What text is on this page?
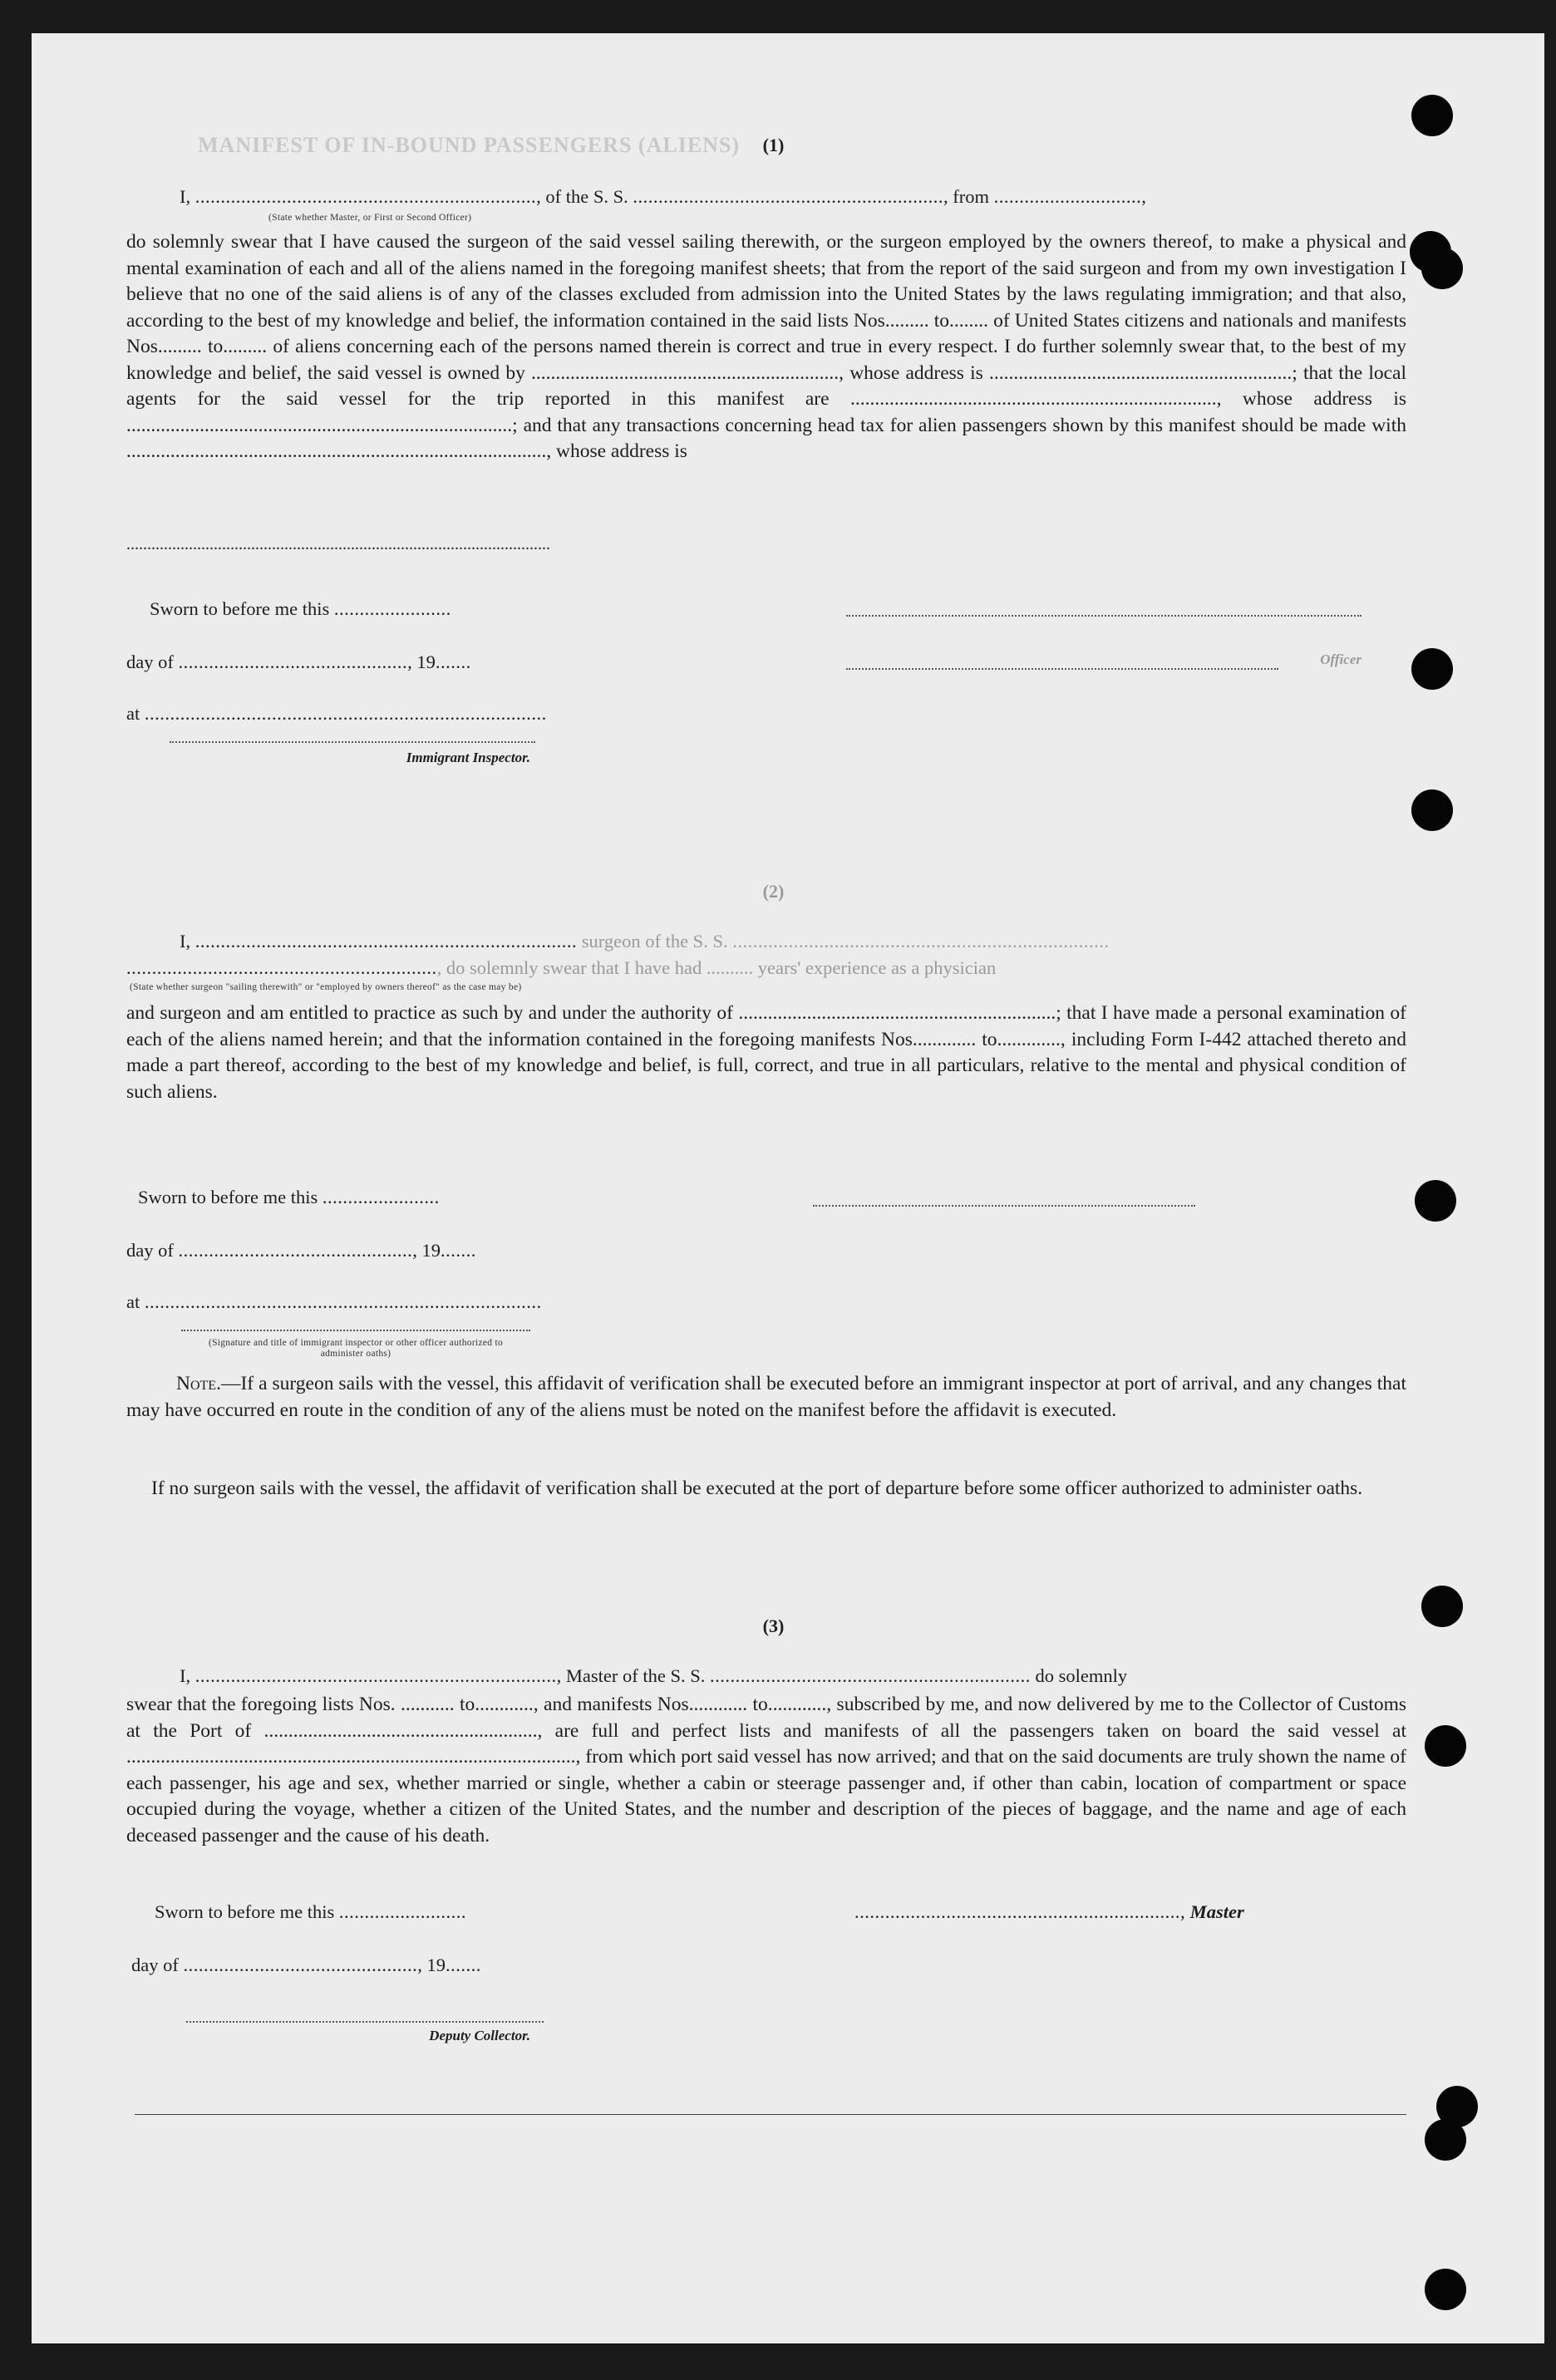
MANIFEST OF IN-BOUND PASSENGERS (ALIENS)	(1)
I, ..................................................................., of the S. S. ............................................................., from .............................,
(State whether Master, or First or Second Officer)
do solemnly swear that I have caused the surgeon of the said vessel sailing therewith, or the surgeon employed by the owners thereof, to make a physical and mental examination of each and all of the aliens named in the foregoing manifest sheets; that from the report of the said surgeon and from my own investigation I believe that no one of the said aliens is of any of the classes excluded from admission into the United States by the laws regulating immigration; and that also, according to the best of my knowledge and belief, the information contained in the said lists Nos......... to........ of United States citizens and nationals and manifests Nos......... to......... of aliens concerning each of the persons named therein is correct and true in every respect. I do further solemnly swear that, to the best of my knowledge and belief, the said vessel is owned by ..............................................................., whose address is ..............................................................; that the local agents for the said vessel for the trip reported in this manifest are ..........................................................................., whose address is ...............................................................................; and that any transactions concerning head tax for alien passengers shown by this manifest should be made with ......................................................................................, whose address is
......................................................................................................
Sworn to before me this .......................
day of ............................................., 19.......	Officer
at ...............................................................................
Immigrant Inspector.
(2)
I, ........................................................................... surgeon of the S. S. ..........................................................................
............................................................., do solemnly swear that I have had .......... years' experience as a physician
(State whether surgeon "sailing therewith" or "employed by owners thereof" as the case may be)
and surgeon and am entitled to practice as such by and under the authority of .................................................................; that I have made a personal examination of each of the aliens named herein; and that the information contained in the foregoing manifests Nos............. to............., including Form I-442 attached thereto and made a part thereof, according to the best of my knowledge and belief, is full, correct, and true in all particulars, relative to the mental and physical condition of such aliens.
Sworn to before me this .......................
day of .............................................., 19.......
at ..............................................................................
(Signature and title of immigrant inspector or other officer authorized to administer oaths)
Note.—If a surgeon sails with the vessel, this affidavit of verification shall be executed before an immigrant inspector at port of arrival, and any changes that may have occurred en route in the condition of any of the aliens must be noted on the manifest before the affidavit is executed.
If no surgeon sails with the vessel, the affidavit of verification shall be executed at the port of departure before some officer authorized to administer oaths.
(3)
I, ......................................................................., Master of the S. S. ............................................................... do solemnly
swear that the foregoing lists Nos. ........... to............, and manifests Nos............ to............, subscribed by me, and now delivered by me to the Collector of Customs at the Port of ........................................................, are full and perfect lists and manifests of all the passengers taken on board the said vessel at ............................................................................................, from which port said vessel has now arrived; and that on the said documents are truly shown the name of each passenger, his age and sex, whether married or single, whether a cabin or steerage passenger and, if other than cabin, location of compartment or space occupied during the voyage, whether a citizen of the United States, and the number and description of the pieces of baggage, and the name and age of each deceased passenger and the cause of his death.
Sworn to before me this .........................	................................................................, Master
day of .............................................., 19.......
Deputy Collector.
